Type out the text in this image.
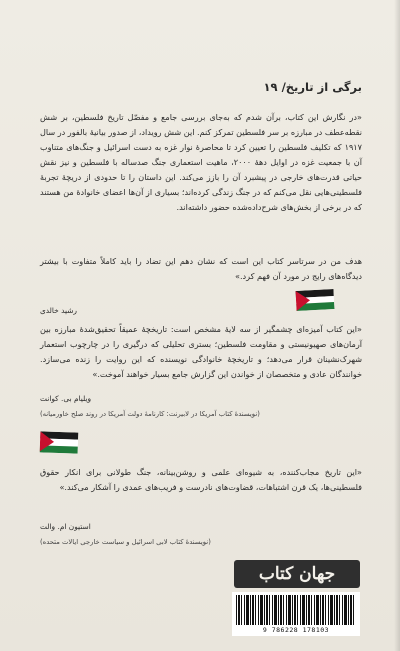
برگی از تاریخ/ ۱۹

«در نگارش این کتاب، برآن شدم که به‌جای بررسی جامع و مفصّل تاریخ فلسطین، بر شش نقطه‌عطف در مبارزه بر سر فلسطین تمرکز کنم. این شش رویداد، از صدور بیانیهٔ بالفور در سال ۱۹۱۷ که تکلیف فلسطین را تعیین کرد تا محاصرهٔ نوار غزه به دست اسرائیل و جنگ‌های متناوب آن با جمعیت غزه در اوایل دههٔ ۲۰۰۰، ماهیت استعماری جنگ صدساله با فلسطین و نیز نقش حیاتی قدرت‌های خارجی در پیشبرد آن را بازز می‌کند. این داستان را تا حدودی از دریچهٔ تجربهٔ فلسطینی‌هایی نقل می‌کنم که در جنگ زندگی کرده‌اند؛ بسیاری از آن‌ها اعضای خانوادهٔ من هستند که در برخی از بخش‌های شرح‌داده‌شده حضور داشته‌اند.

هدف من در سرتاسر کتاب این است که نشان دهم این تضاد را باید کاملاً متفاوت با بیشتر دیدگاه‌های رایج در مورد آن فهم کرد.»

رشید خالدی

«این کتاب آمیزه‌ای چشمگیر از سه لایهٔ مشخص است: تاریخچهٔ عمیقاً تحقیق‌شدهٔ مبارزه بین آرمان‌های صهیونیستی و مقاومت فلسطین؛ بستری تحلیلی که درگیری را در چارچوب استعمار شهرک‌نشینان قرار می‌دهد؛ و تاریخچهٔ خانوادگی نویسنده که این روایت را زنده می‌سازد. خوانندگان عادی و متخصصان از خواندن این گزارش جامع بسیار خواهند آموخت.»

ویلیام بی. کوانت
(نویسندهٔ کتاب آمریکا در لابیرنت: کارنامهٔ دولت آمریکا در روند صلح خاورمیانه)

«این تاریخ مجاب‌کننده، به شیوه‌ای علمی و روشن‌بینانه، جنگ طولانی برای انکار حقوق فلسطینی‌ها، یک قرن اشتباهات، قضاوت‌های نادرست و فریب‌های عمدی را آشکار می‌کند.»

استیون ام. والت
(نویسندهٔ کتاب لابی اسرائیل و سیاست خارجی ایالات متحده)
جهان کتاب
9 786228 178103
